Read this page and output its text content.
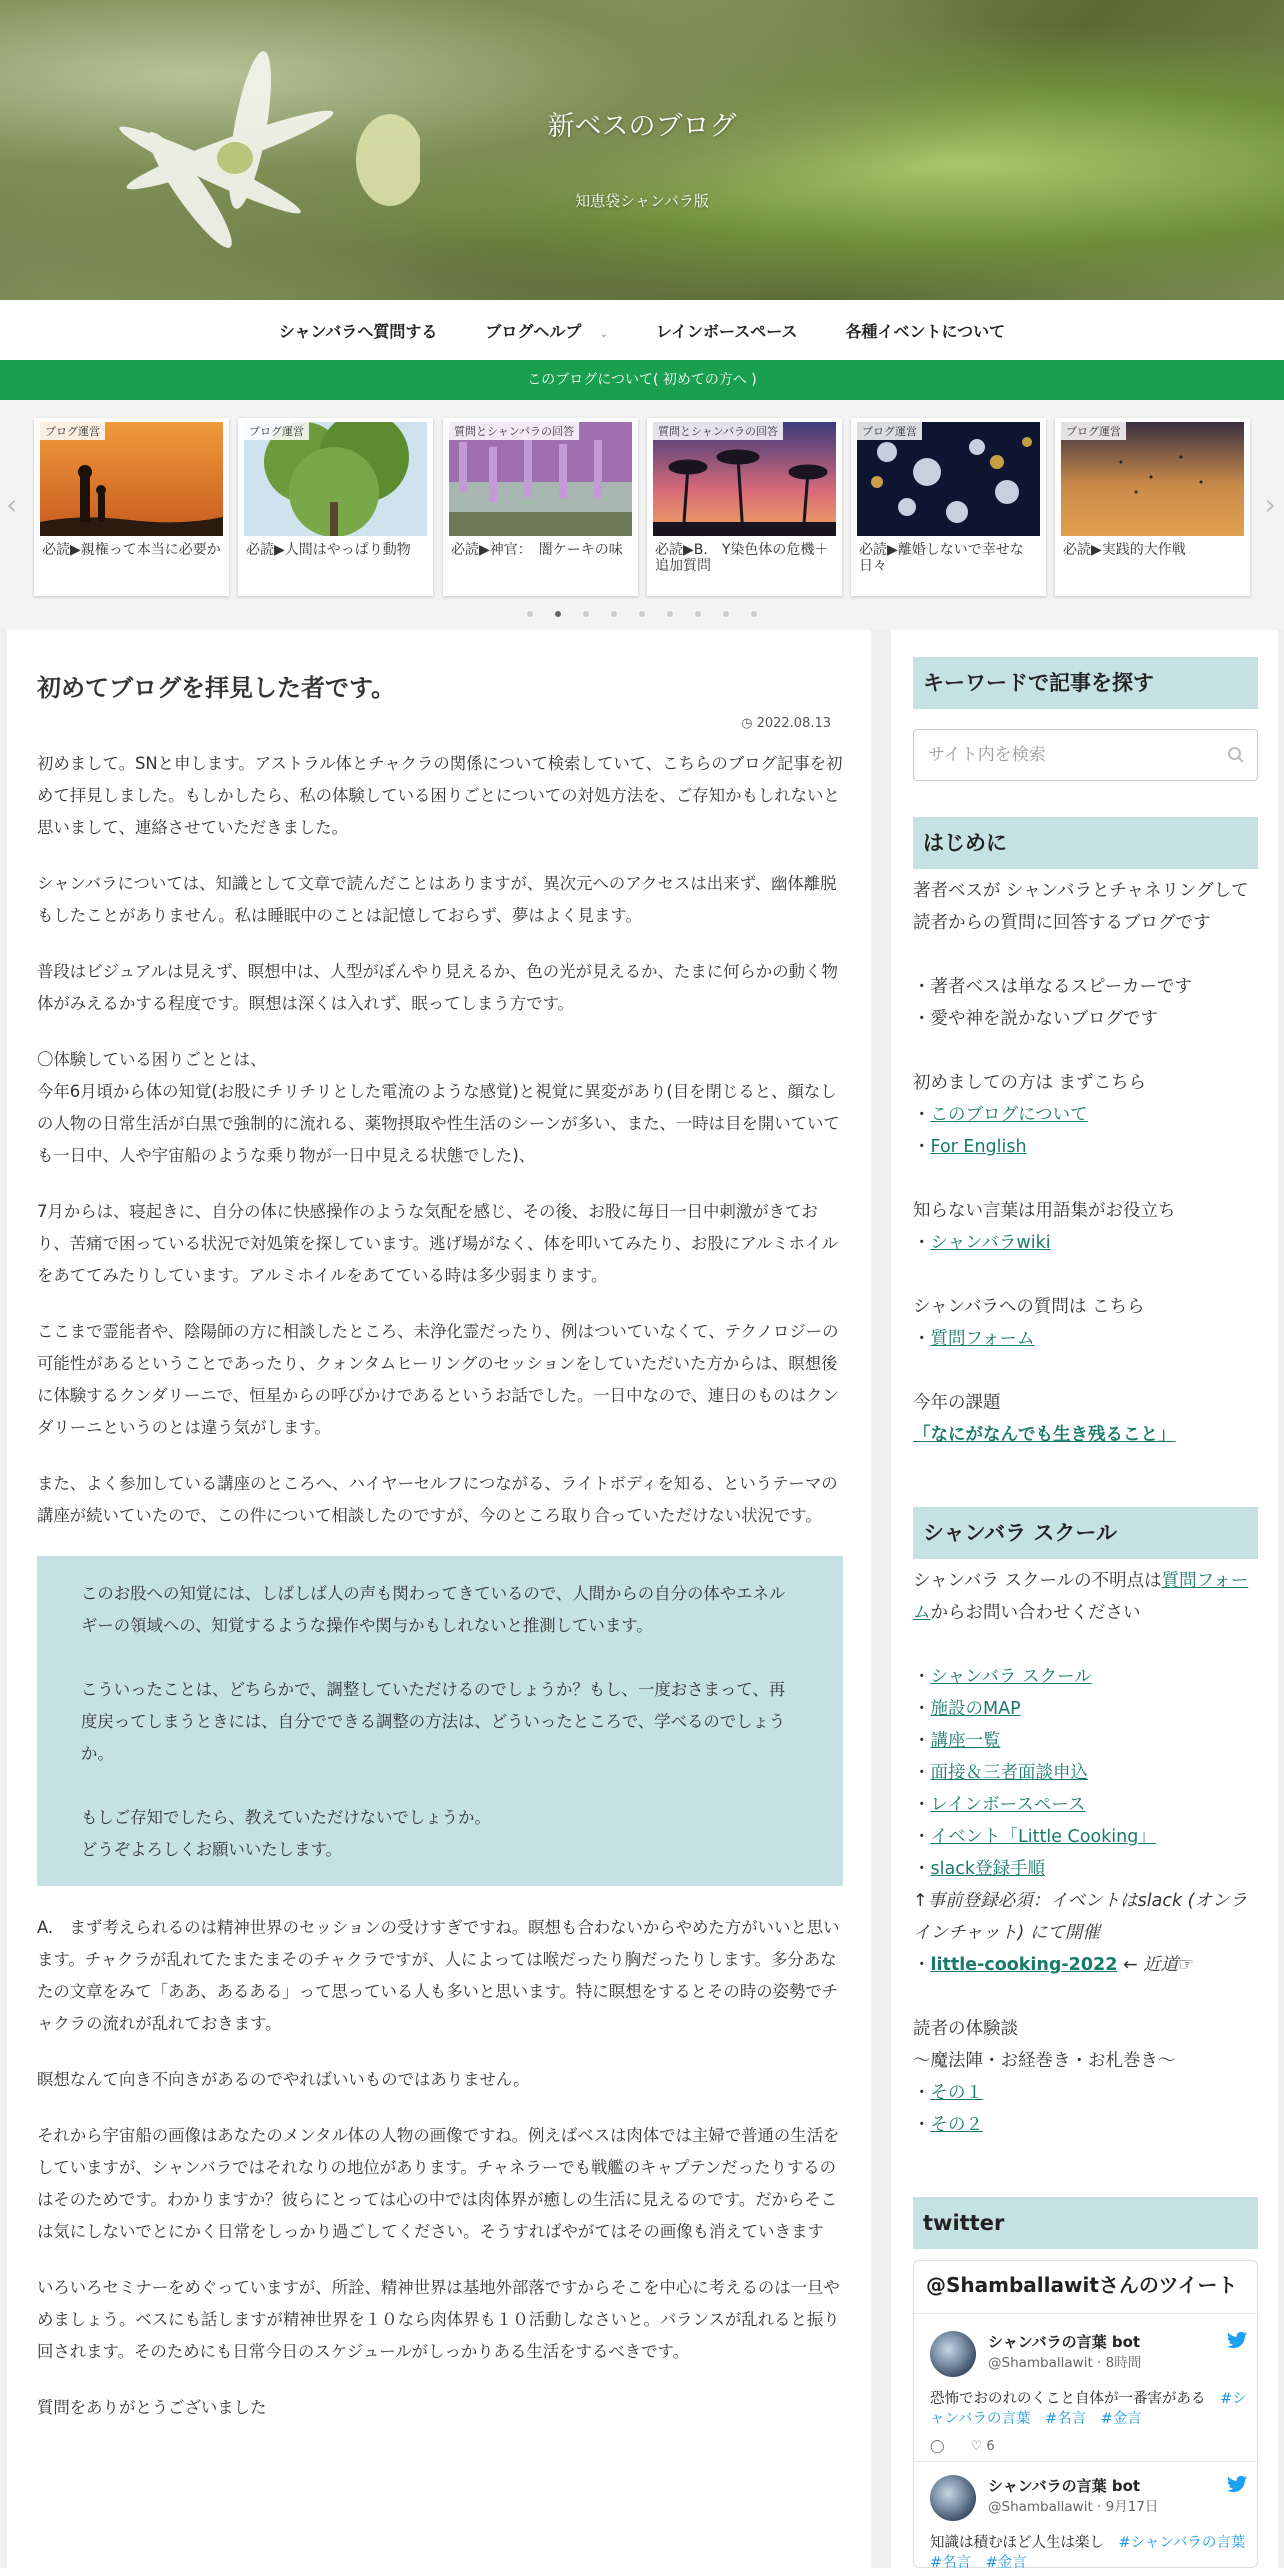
新ベスのブログ
知恵袋シャンバラ版
シャンバラへ質問する	ブログヘルプ ⌄	レインボースペース	各種イベントについて
このブログについて( 初めての方へ )
‹	›
ブログ運営
必読▶親権って本当に必要か
ブログ運営
必読▶人間はやっぱり動物
質問とシャンバラの回答
必読▶神官：　闇ケーキの味
質問とシャンバラの回答
必読▶B.　Y染色体の危機＋　追加質問
ブログ運営
必読▶離婚しないで幸せな日々
ブログ運営
必読▶実践的大作戦
初めてブログを拝見した者です。
◷ 2022.08.13

初めまして。SNと申します。アストラル体とチャクラの関係について検索していて、こちらのブログ記事を初めて拝見しました。もしかしたら、私の体験している困りごとについての対処方法を、ご存知かもしれないと思いまして、連絡させていただきました。

シャンバラについては、知識として文章で読んだことはありますが、異次元へのアクセスは出来ず、幽体離脱もしたことがありません。私は睡眠中のことは記憶しておらず、夢はよく見ます。

普段はビジュアルは見えず、瞑想中は、人型がぼんやり見えるか、色の光が見えるか、たまに何らかの動く物体がみえるかする程度です。瞑想は深くは入れず、眠ってしまう方です。

〇体験している困りごととは、
今年6月頃から体の知覚(お股にチリチリとした電流のような感覚)と視覚に異変があり(目を閉じると、顔なしの人物の日常生活が白黒で強制的に流れる、薬物摂取や性生活のシーンが多い、また、一時は目を開いていても一日中、人や宇宙船のような乗り物が一日中見える状態でした)、

7月からは、寝起きに、自分の体に快感操作のような気配を感じ、その後、お股に毎日一日中刺激がきており、苦痛で困っている状況で対処策を探しています。逃げ場がなく、体を叩いてみたり、お股にアルミホイルをあててみたりしています。アルミホイルをあてている時は多少弱まります。

ここまで霊能者や、陰陽師の方に相談したところ、未浄化霊だったり、例はついていなくて、テクノロジーの可能性があるということであったり、クォンタムヒーリングのセッションをしていただいた方からは、瞑想後に体験するクンダリーニで、恒星からの呼びかけであるというお話でした。一日中なので、連日のものはクンダリーニというのとは違う気がします。

また、よく参加している講座のところへ、ハイヤーセルフにつながる、ライトボディを知る、というテーマの講座が続いていたので、この件について相談したのですが、今のところ取り合っていただけない状況です。

このお股への知覚には、しばしば人の声も関わってきているので、人間からの自分の体やエネルギーの領域への、知覚するような操作や関与かもしれないと推測しています。

こういったことは、どちらかで、調整していただけるのでしょうか？もし、一度おさまって、再度戻ってしまうときには、自分でできる調整の方法は、どういったところで、学べるのでしょうか。

もしご存知でしたら、教えていただけないでしょうか。
どうぞよろしくお願いいたします。

A.　まず考えられるのは精神世界のセッションの受けすぎですね。瞑想も合わないからやめた方がいいと思います。チャクラが乱れてたまたまそのチャクラですが、人によっては喉だったり胸だったりします。多分あなたの文章をみて「ああ、あるある」って思っている人も多いと思います。特に瞑想をするとその時の姿勢でチャクラの流れが乱れておきます。

瞑想なんて向き不向きがあるのでやればいいものではありません。

それから宇宙船の画像はあなたのメンタル体の人物の画像ですね。例えばベスは肉体では主婦で普通の生活をしていますが、シャンバラではそれなりの地位があります。チャネラーでも戦艦のキャプテンだったりするのはそのためです。わかりますか？彼らにとっては心の中では肉体界が癒しの生活に見えるのです。だからそこは気にしないでとにかく日常をしっかり過ごしてください。そうすればやがてはその画像も消えていきます

いろいろセミナーをめぐっていますが、所詮、精神世界は基地外部落ですからそこを中心に考えるのは一旦やめましょう。ベスにも話しますが精神世界を１０なら肉体界も１０活動しなさいと。バランスが乱れると振り回されます。そのためにも日常今日のスケジュールがしっかりある生活をするべきです。

質問をありがとうございました

キーワードで記事を探す
サイト内を検索
はじめに
著者ベスが シャンバラとチャネリングして 読者からの質問に回答するブログです
・著者ベスは単なるスピーカーです
・愛や神を説かないブログです
初めましての方は まずこちら
・このブログについて
・For English
知らない言葉は用語集がお役立ち
・シャンバラwiki
シャンバラへの質問は こちら
・質問フォーム
今年の課題
「なにがなんでも生き残ること」
シャンバラ スクール
シャンバラ スクールの不明点は質問フォームからお問い合わせください
・シャンバラ スクール
・施設のMAP
・講座一覧
・面接＆三者面談申込
・レインボースペース
・イベント「Little Cooking」
・slack登録手順
↑事前登録必須：イベントはslack (オンラインチャット) にて開催
・little-cooking-2022 ← 近道☞
読者の体験談
〜魔法陣・お経巻き・お札巻き〜
・その１
・その２
twitter
@Shamballawitさんのツイート
シャンバラの言葉 bot
@Shamballawit · 8時間
恐怖でおのれのくこと自体が一番害がある　 #シャンバラの言葉　#名言　#金言
◯　　 ♡ 6
シャンバラの言葉 bot
@Shamballawit · 9月17日
知識は積むほど人生は楽し　 #シャンバラの言葉　#名言　#金言
